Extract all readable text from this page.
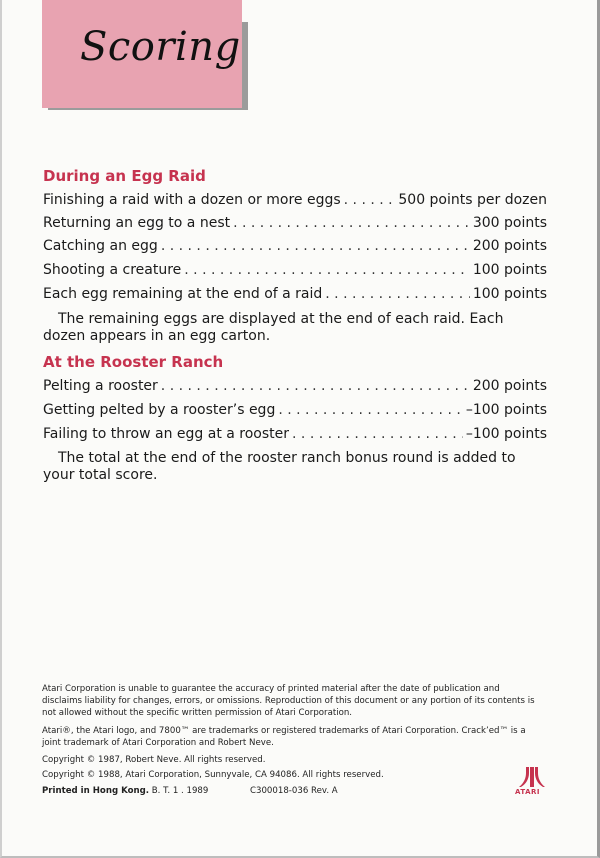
Scoring
During an Egg Raid
Finishing a raid with a dozen or more eggs . . .	500 points per dozen
Returning an egg to a nest . . .	300 points
Catching an egg . . .	200 points
Shooting a creature . . .	100 points
Each egg remaining at the end of a raid . . .	100 points
The remaining eggs are displayed at the end of each raid. Each dozen appears in an egg carton.
At the Rooster Ranch
Pelting a rooster . . .	200 points
Getting pelted by a rooster’s egg . . .	–100 points
Failing to throw an egg at a rooster . . .	–100 points
The total at the end of the rooster ranch bonus round is added to your total score.
Atari Corporation is unable to guarantee the accuracy of printed material after the date of publication and disclaims liability for changes, errors, or omissions. Reproduction of this document or any portion of its contents is not allowed without the specific written permission of Atari Corporation.
Atari®, the Atari logo, and 7800™ are trademarks or registered trademarks of Atari Corporation. Crack’ed™ is a joint trademark of Atari Corporation and Robert Neve.
Copyright © 1987, Robert Neve. All rights reserved.
Copyright © 1988, Atari Corporation, Sunnyvale, CA 94086. All rights reserved.
Printed in Hong Kong. B. T. 1 . 1989	C300018-036 Rev. A	ATARI
